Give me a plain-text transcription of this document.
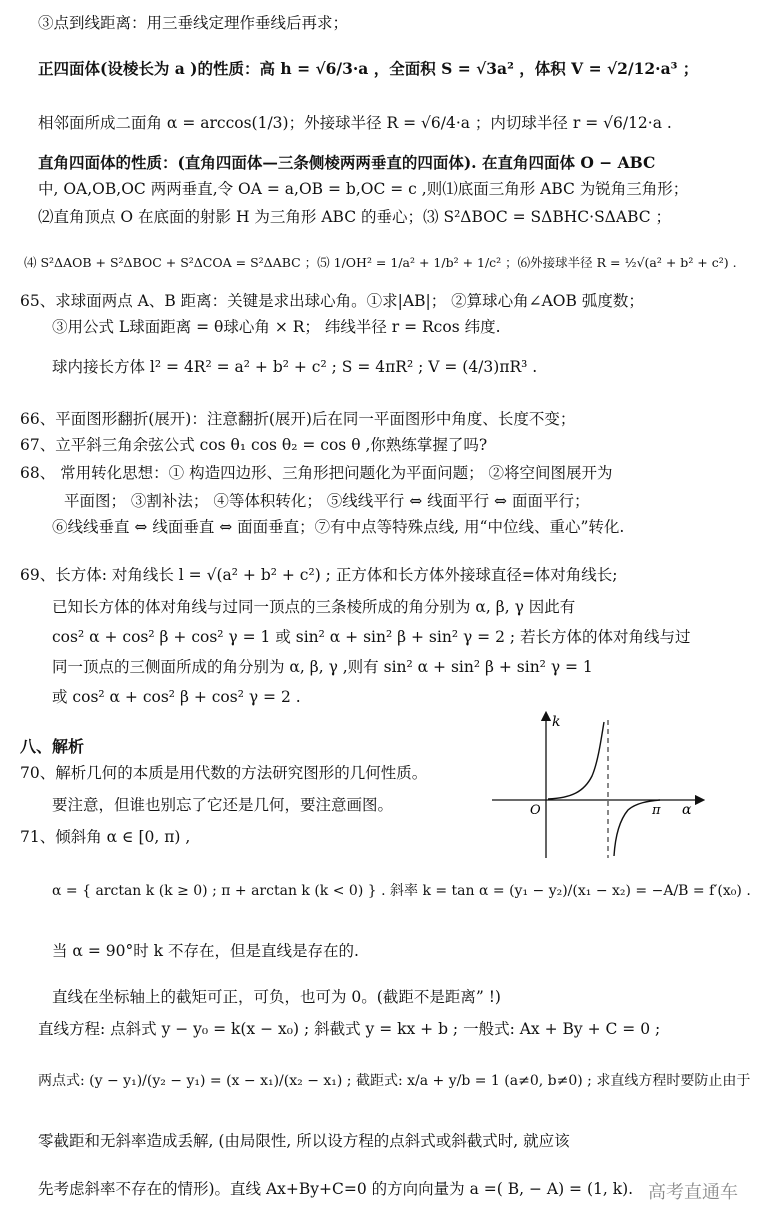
③点到线距离：用三垂线定理作垂线后再求；
正四面体(设棱长为 a )的性质：高 h = √6/3·a ，全面积 S = √3a² ，体积 V = √2/12·a³ ；
相邻面所成二面角 α = arccos(1/3)；外接球半径 R = √6/4·a ；内切球半径 r = √6/12·a .
直角四面体的性质：(直角四面体—三条侧棱两两垂直的四面体). 在直角四面体 O − ABC
中, OA,OB,OC 两两垂直,令 OA = a,OB = b,OC = c ,则⑴底面三角形 ABC 为锐角三角形；
⑵直角顶点 O 在底面的射影 H 为三角形 ABC 的垂心；⑶ S²ΔBOC = SΔBHC·SΔABC ；
⑷ S²ΔAOB + S²ΔBOC + S²ΔCOA = S²ΔABC ；⑸ 1/OH² = 1/a² + 1/b² + 1/c² ；⑹外接球半径 R = ½√(a² + b² + c²) .
65、求球面两点 A、B 距离：关键是求出球心角。①求|AB|； ②算球心角∠AOB 弧度数；
③用公式 L球面距离 = θ球心角 × R； 纬线半径 r = Rcos 纬度.
球内接长方体 l² = 4R² = a² + b² + c² ; S = 4πR² ; V = (4/3)πR³ .
66、平面图形翻折(展开)：注意翻折(展开)后在同一平面图形中角度、长度不变；
67、立平斜三角余弦公式 cos θ₁ cos θ₂ = cos θ ,你熟练掌握了吗?
68、 常用转化思想：① 构造四边形、三角形把问题化为平面问题； ②将空间图展开为
平面图； ③割补法； ④等体积转化； ⑤线线平行 ⇔ 线面平行 ⇔ 面面平行；
⑥线线垂直 ⇔ 线面垂直 ⇔ 面面垂直；⑦有中点等特殊点线, 用“中位线、重心”转化.
69、长方体: 对角线长 l = √(a² + b² + c²) ; 正方体和长方体外接球直径=体对角线长;
已知长方体的体对角线与过同一顶点的三条棱所成的角分别为 α, β, γ 因此有
cos² α + cos² β + cos² γ = 1 或 sin² α + sin² β + sin² γ = 2 ; 若长方体的体对角线与过
同一顶点的三侧面所成的角分别为 α, β, γ ,则有 sin² α + sin² β + sin² γ = 1
或 cos² α + cos² β + cos² γ = 2 .
70、解析几何的本质是用代数的方法研究图形的几何性质。
要注意，但谁也别忘了它还是几何，要注意画图。
71、倾斜角 α ∈ [0, π) ,
α = { arctan k (k ≥ 0) ; π + arctan k (k < 0) } . 斜率 k = tan α = (y₁ − y₂)/(x₁ − x₂) = −A/B = f′(x₀) .
当 α = 90°时 k 不存在，但是直线是存在的.
直线在坐标轴上的截矩可正，可负，也可为 0。(截距不是距离” !)
直线方程: 点斜式 y − y₀ = k(x − x₀) ; 斜截式 y = kx + b ; 一般式: Ax + By + C = 0 ;
两点式: (y − y₁)/(y₂ − y₁) = (x − x₁)/(x₂ − x₁) ; 截距式: x/a + y/b = 1 (a≠0, b≠0) ; 求直线方程时要防止由于
零截距和无斜率造成丢解, (由局限性, 所以设方程的点斜式或斜截式时, 就应该
先考虑斜率不存在的情形)。直线 Ax+By+C=0 的方向向量为 a =( B, − A) = (1, k).
八、解析
k
O	π α
高考直通车
